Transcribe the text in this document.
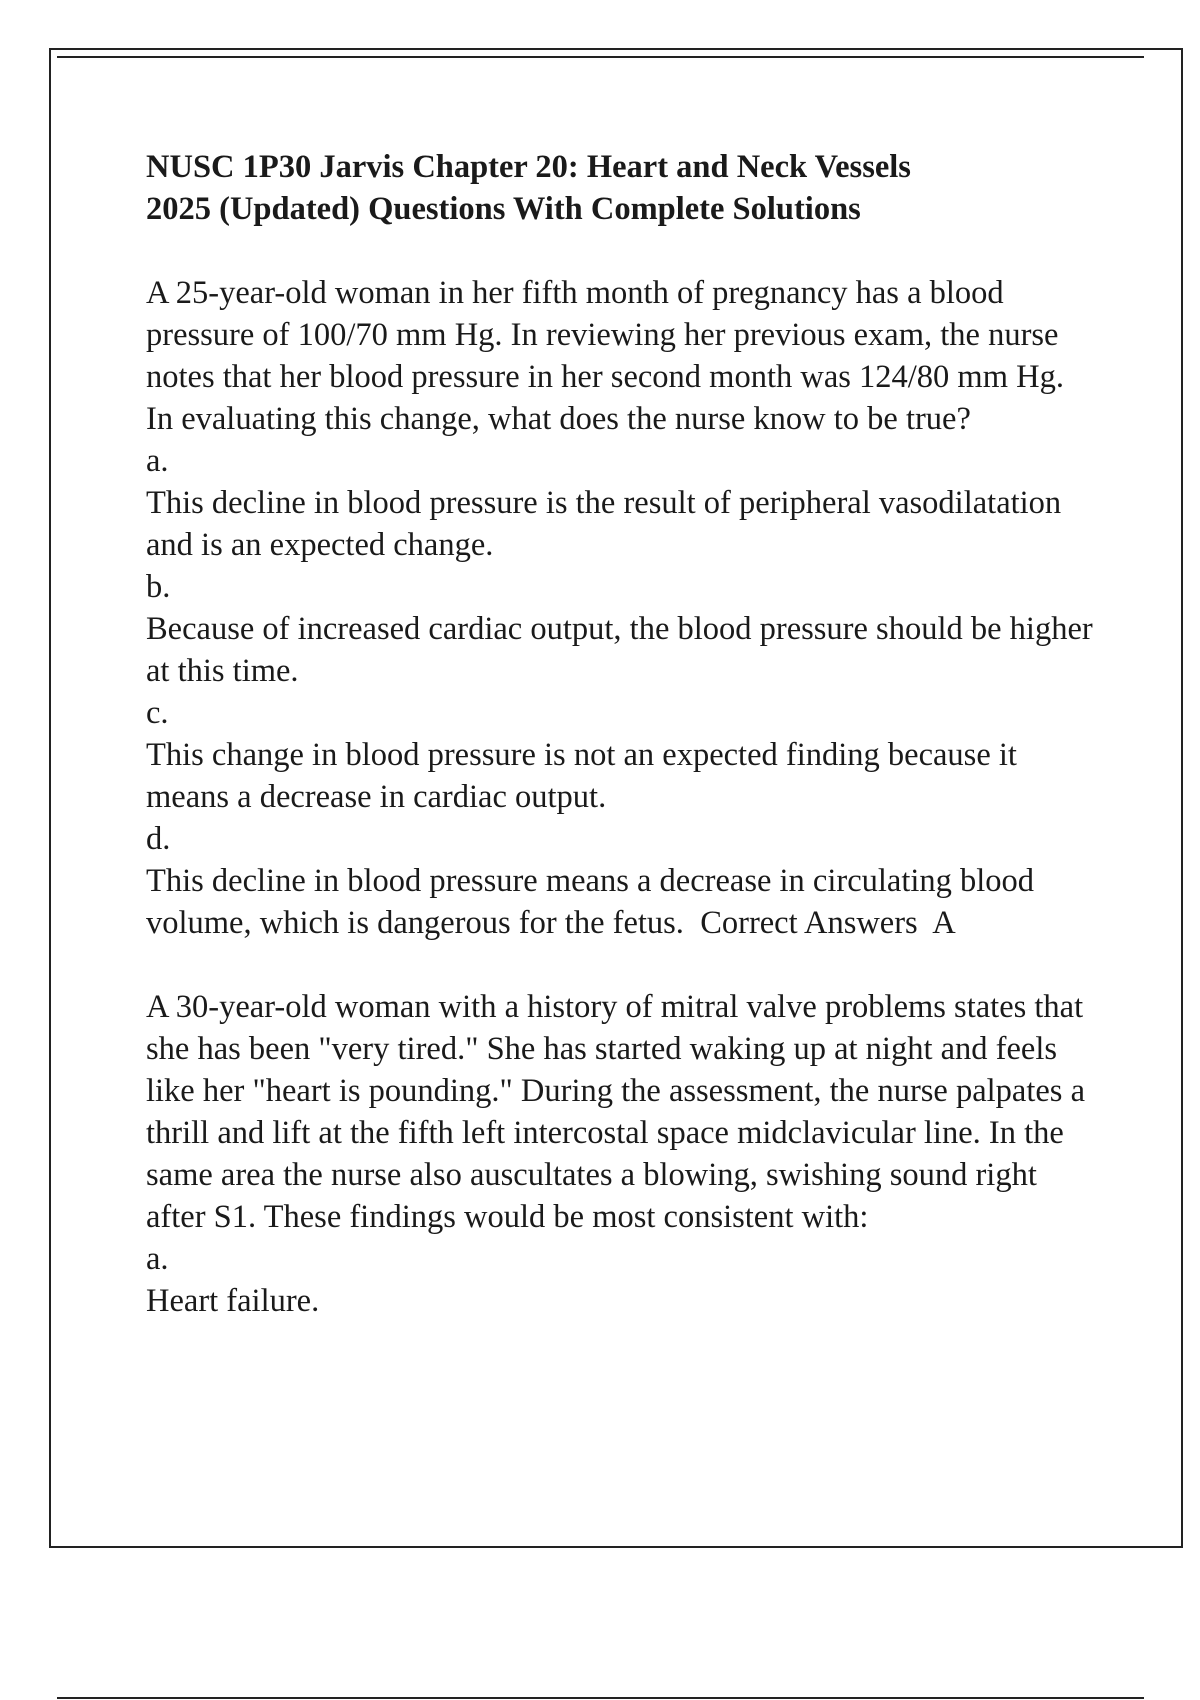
NUSC 1P30 Jarvis Chapter 20: Heart and Neck Vessels
2025 (Updated) Questions With Complete Solutions

A 25-year-old woman in her fifth month of pregnancy has a blood pressure of 100/70 mm Hg. In reviewing her previous exam, the nurse notes that her blood pressure in her second month was 124/80 mm Hg. In evaluating this change, what does the nurse know to be true?

a.

This decline in blood pressure is the result of peripheral vasodilatation and is an expected change.

b.

Because of increased cardiac output, the blood pressure should be higher at this time.

c.

This change in blood pressure is not an expected finding because it means a decrease in cardiac output.

d.

This decline in blood pressure means a decrease in circulating blood volume, which is dangerous for the fetus. Correct Answers A

A 30-year-old woman with a history of mitral valve problems states that she has been "very tired." She has started waking up at night and feels like her "heart is pounding." During the assessment, the nurse palpates a thrill and lift at the fifth left intercostal space midclavicular line. In the same area the nurse also auscultates a blowing, swishing sound right after S1. These findings would be most consistent with:

a.

Heart failure.
